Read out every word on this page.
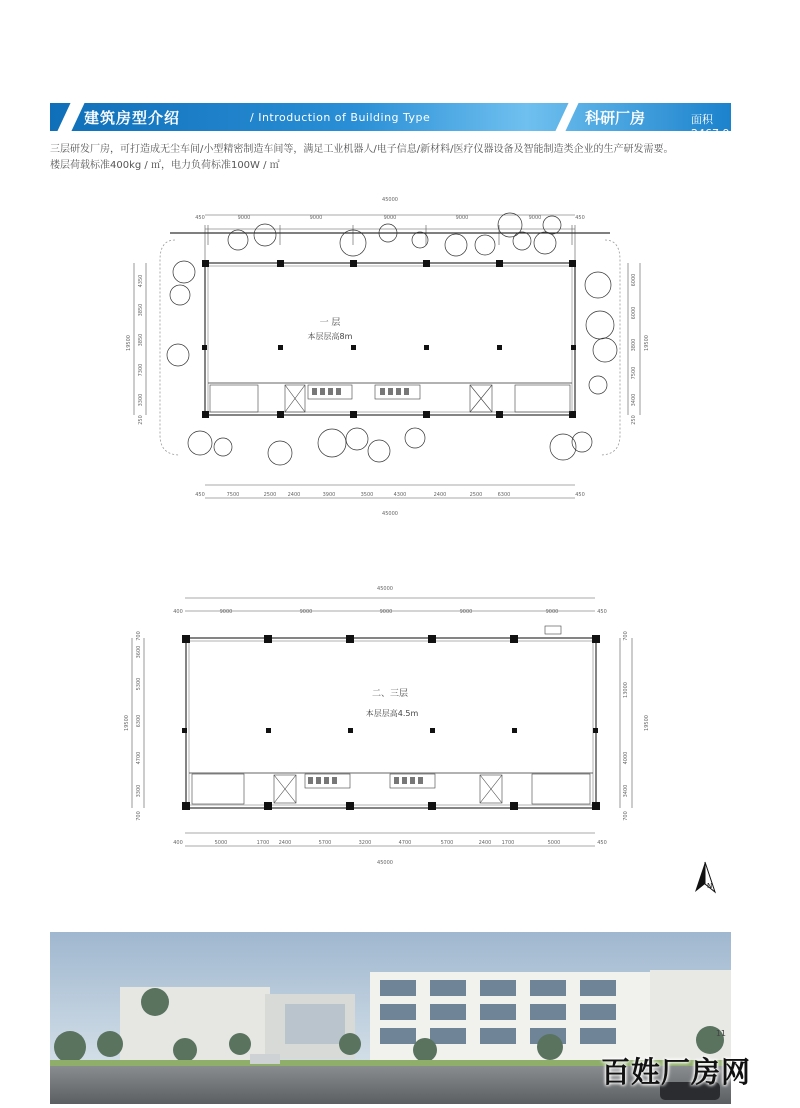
建筑房型介绍	/ Introduction of Building Type	科研厂房	面积2467.9㎡
三层研发厂房，可打造成无尘车间/小型精密制造车间等，满足工业机器人/电子信息/新材料/医疗仪器设备及智能制造类企业的生产研发需要。
楼层荷载标准400kg / ㎡，电力负荷标准100W / ㎡
45000
450	9000	9000	9000	9000	9000	450
一 层
本层层高8m
450	7500	2500 2400	3900	3500	4300	2400	2500	6300	450
45000
19500
4350
3850
3850
7300
3300
250
19500
6000
6000
3800
7500
3400
250
45000
400	9000	9000	9000	9000	9000	450
二、三层
本层层高4.5m
400	5000	1700 2400	5700	3200	4700	5700	2400 1700	5000	450
45000
19500
700
3600
5300
6300
4700
3300
700
19500
700
13000
4000
3400
700
N
11
百姓厂房网
